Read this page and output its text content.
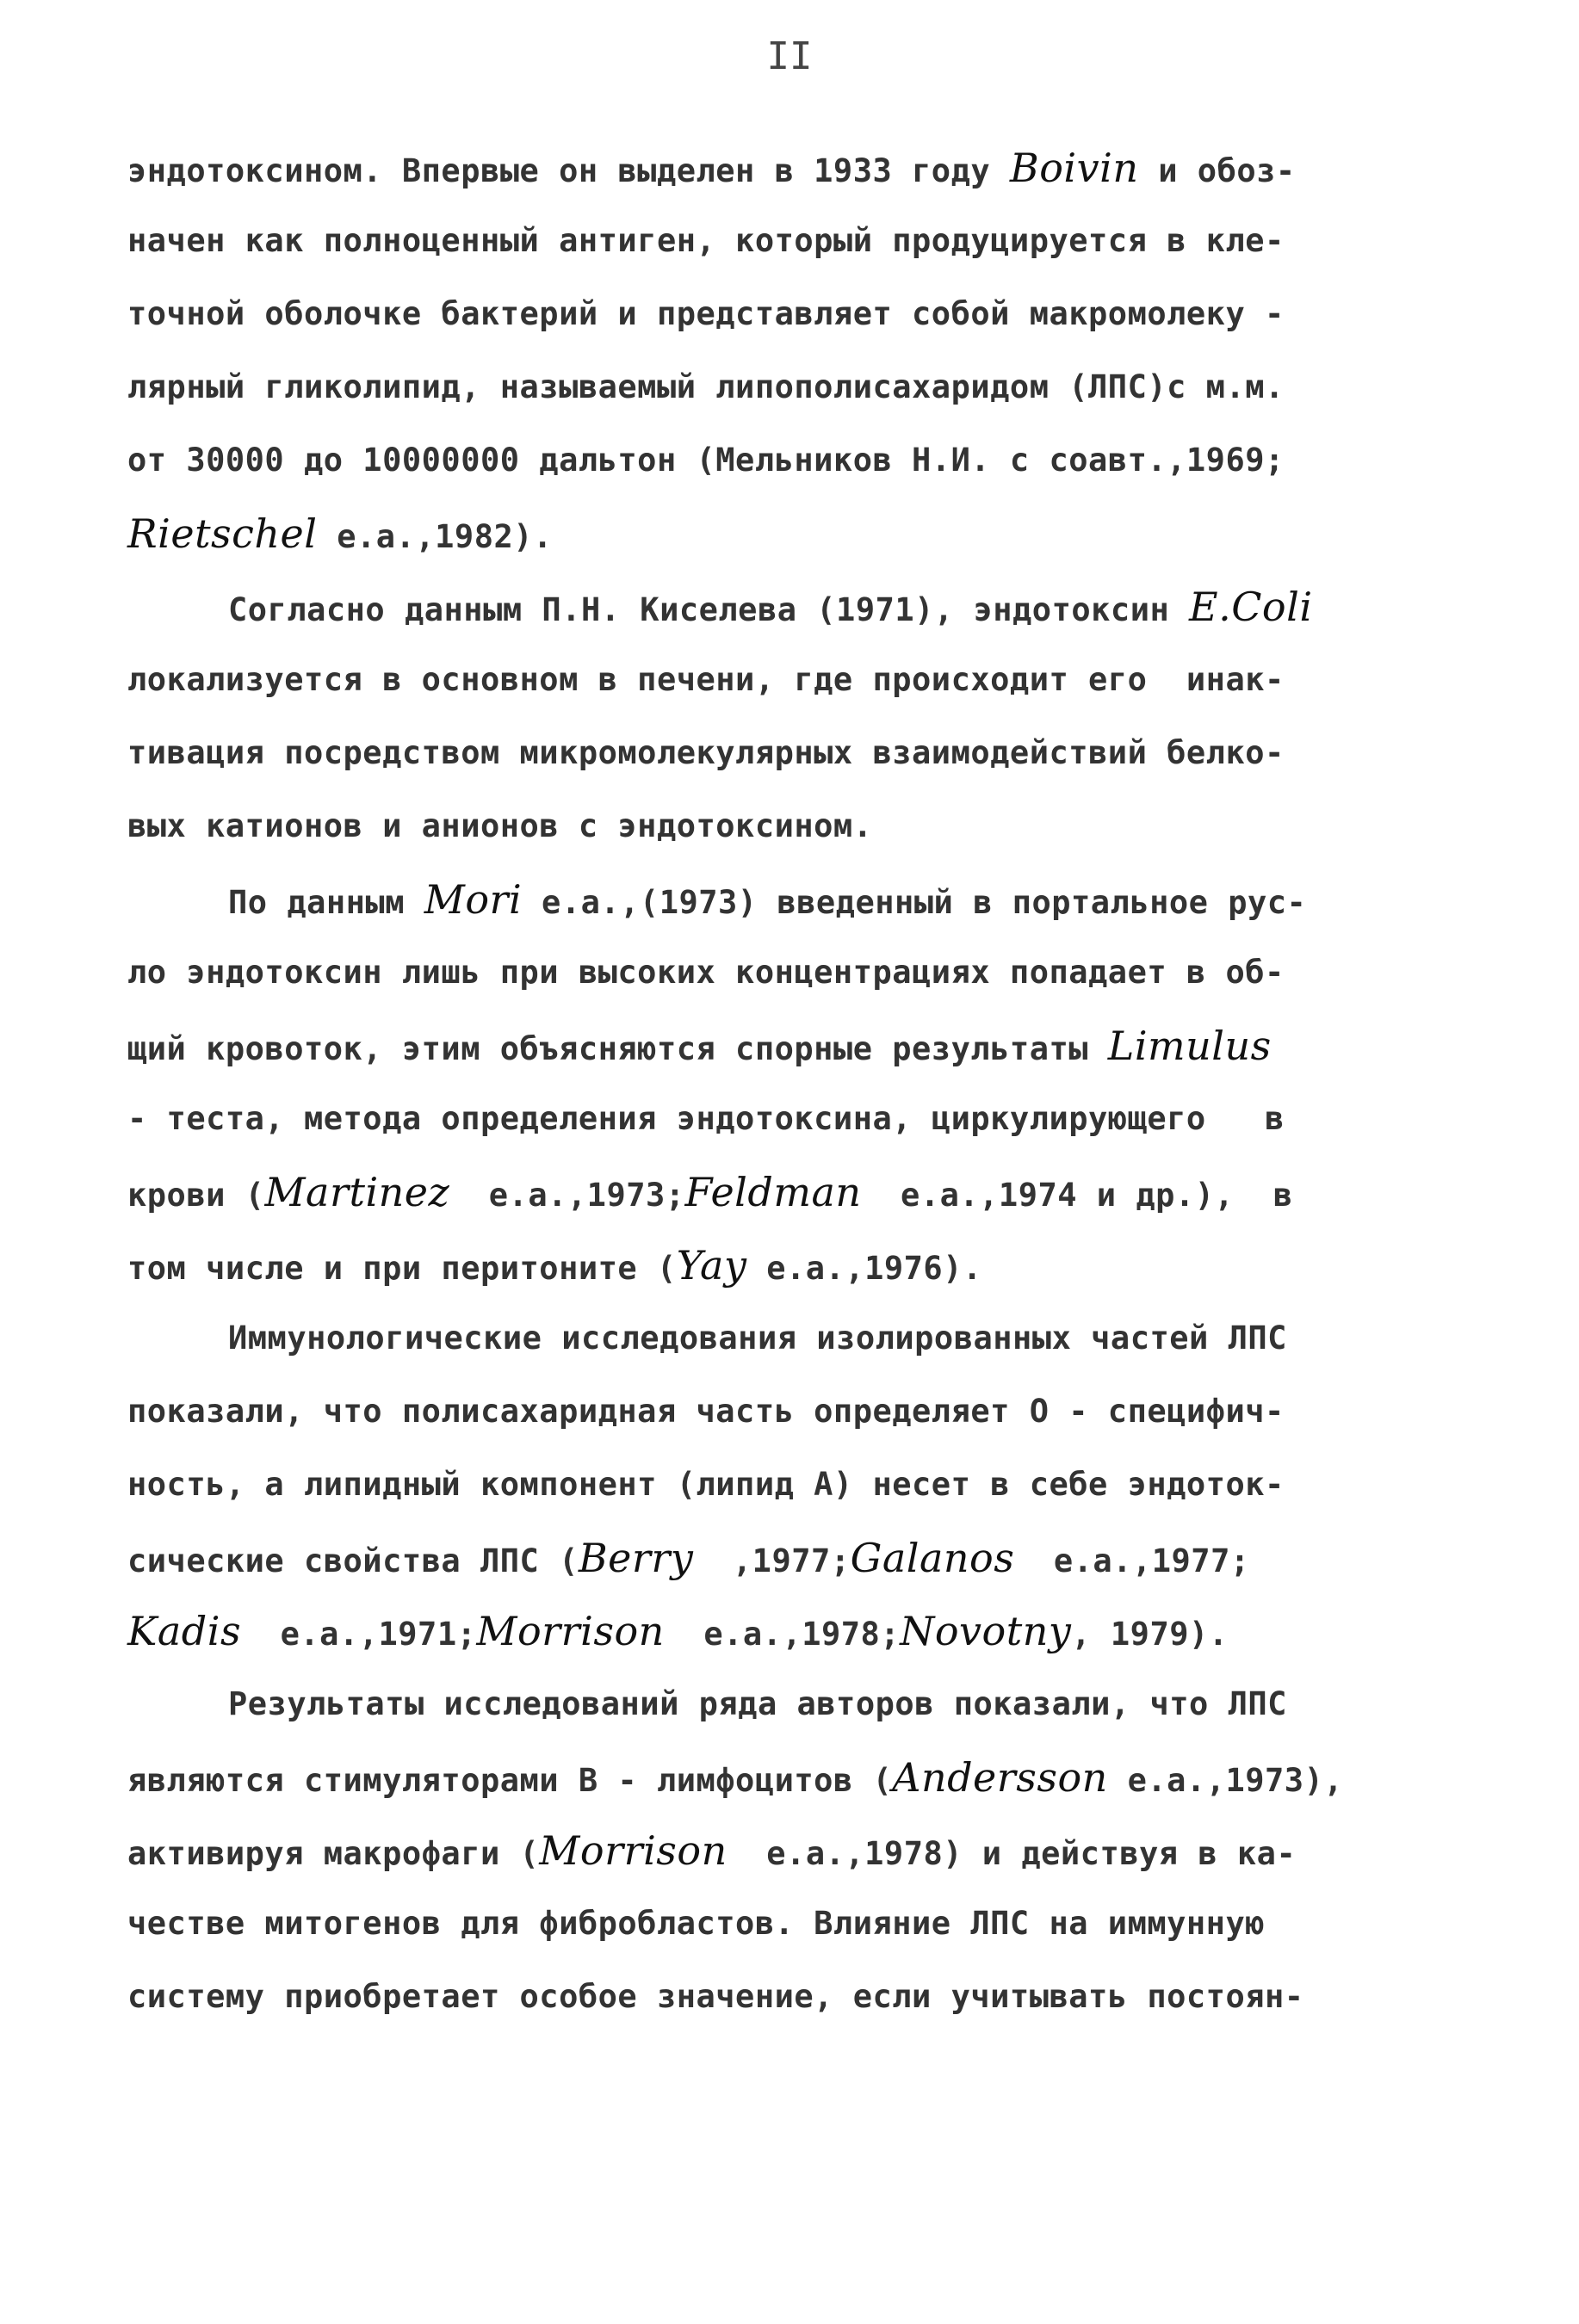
II
эндотоксином. Впервые он выделен в 1933 году Boivin и обоз-
начен как полноценный антиген, который продуцируется в кле-
точной оболочке бактерий и представляет собой макромолеку -
лярный гликолипид, называемый липополисахаридом (ЛПС)с м.м.
от 30000 до 10000000 дальтон (Мельников Н.И. с соавт.,1969;
Rietschel е.а.,1982).
Согласно данным П.Н. Киселева (1971), эндотоксин E.Coli
локализуется в основном в печени, где происходит его  инак-
тивация посредством микромолекулярных взаимодействий белко-
вых катионов и анионов с эндотоксином.
По данным Mori е.а.,(1973) введенный в портальное рус-
ло эндотоксин лишь при высоких концентрациях попадает в об-
щий кровоток, этим объясняются спорные результаты Limulus
- теста, метода определения эндотоксина, циркулирующего   в
крови (Martinez  е.а.,1973;Feldman  е.а.,1974 и др.),  в
том числе и при перитоните (Yay е.а.,1976).
Иммунологические исследования изолированных частей ЛПС
показали, что полисахаридная часть определяет О - специфич-
ность, а липидный компонент (липид А) несет в себе эндоток-
сические свойства ЛПС (Berry  ,1977;Galanos  е.а.,1977;
Kadis  е.а.,1971;Morrison  е.а.,1978;Novotny, 1979).
Результаты исследований ряда авторов показали, что ЛПС
являются стимуляторами В - лимфоцитов (Andersson е.а.,1973),
активируя макрофаги (Morrison  е.а.,1978) и действуя в ка-
честве митогенов для фибробластов. Влияние ЛПС на иммунную
систему приобретает особое значение, если учитывать постоян-
